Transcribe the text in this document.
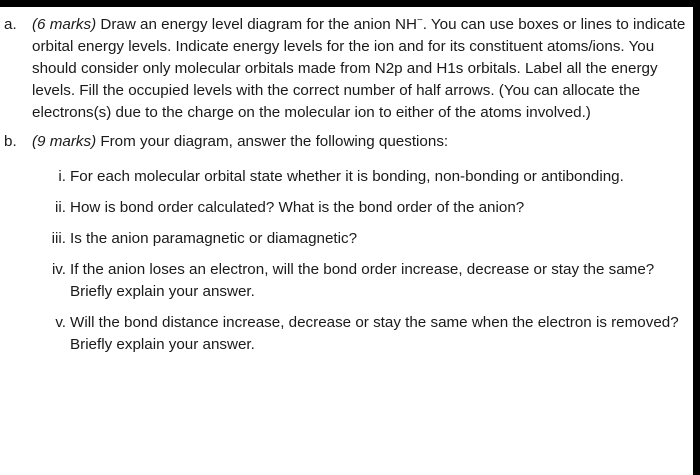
a. (6 marks) Draw an energy level diagram for the anion NH−. You can use boxes or lines to indicate orbital energy levels. Indicate energy levels for the ion and for its constituent atoms/ions. You should consider only molecular orbitals made from N2p and H1s orbitals. Label all the energy levels. Fill the occupied levels with the correct number of half arrows. (You can allocate the electrons(s) due to the charge on the molecular ion to either of the atoms involved.)
b. (9 marks) From your diagram, answer the following questions:
i. For each molecular orbital state whether it is bonding, non-bonding or antibonding.
ii. How is bond order calculated? What is the bond order of the anion?
iii. Is the anion paramagnetic or diamagnetic?
iv. If the anion loses an electron, will the bond order increase, decrease or stay the same? Briefly explain your answer.
v. Will the bond distance increase, decrease or stay the same when the electron is removed? Briefly explain your answer.
